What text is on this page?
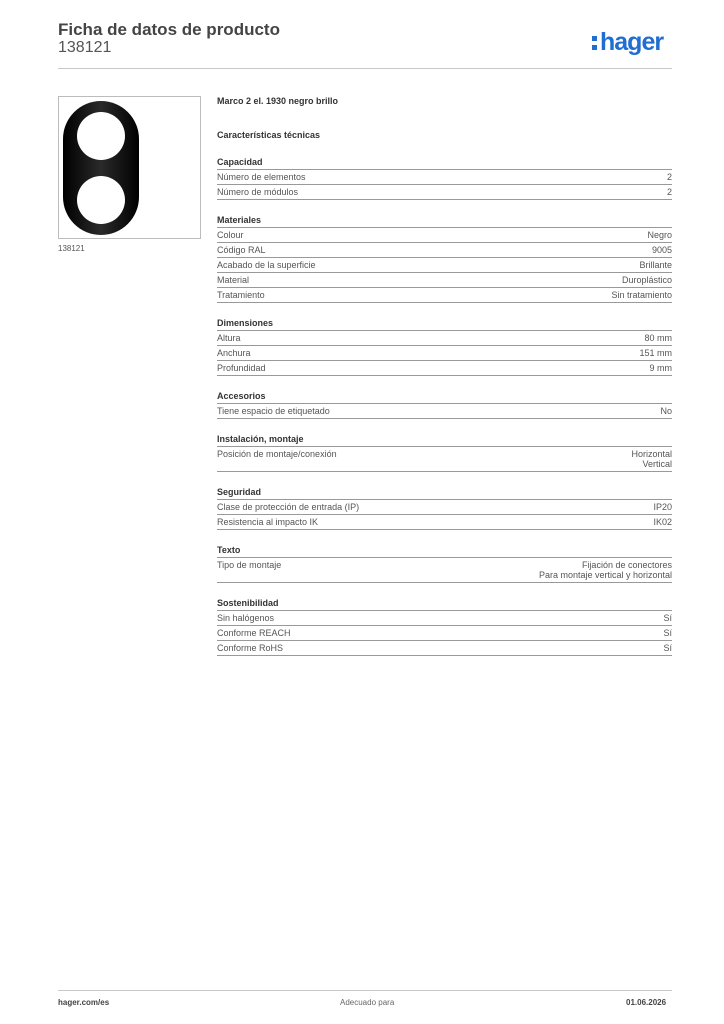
Ficha de datos de producto
138121	hager
138121
Marco 2 el. 1930 negro brillo
Características técnicas
Capacidad
Número de elementos	2
Número de módulos	2
Materiales
Colour	Negro
Código RAL	9005
Acabado de la superficie	Brillante
Material	Duroplástico
Tratamiento	Sin tratamiento
Dimensiones
Altura	80 mm
Anchura	151 mm
Profundidad	9 mm
Accesorios
Tiene espacio de etiquetado	No
Instalación, montaje
Posición de montaje/conexión	Horizontal
Vertical
Seguridad
Clase de protección de entrada (IP)	IP20
Resistencia al impacto IK	IK02
Texto
Tipo de montaje	Fijación de conectores
Para montaje vertical y horizontal
Sostenibilidad
Sin halógenos	Sí
Conforme REACH	Sí
Conforme RoHS	Sí
hager.com/es	Adecuado para	01.06.2026
